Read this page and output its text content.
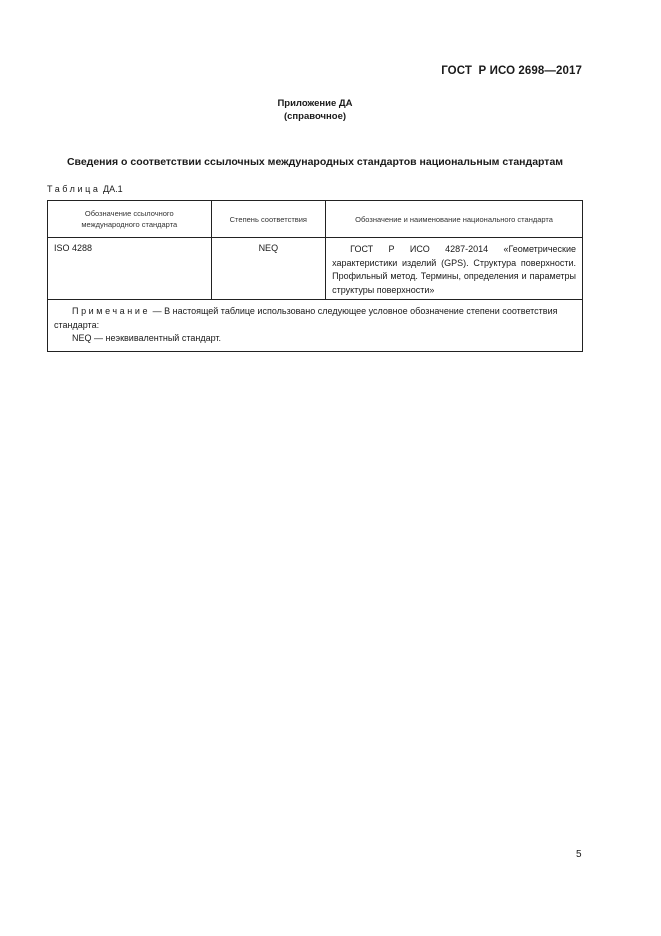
ГОСТ  Р ИСО 2698—2017
Приложение ДА
(справочное)
Сведения о соответствии ссылочных международных стандартов национальным стандартам
Таблица ДА.1
Обозначение ссылочного международного стандарта	Степень соответствия	Обозначение и наименование национального стандарта
ISO 4288	NEQ	ГОСТ Р ИСО 4287-2014 «Геометрические характеристики изделий (GPS). Структура поверхности. Профильный метод. Термины, определения и параметры структуры поверхности»
Примечание — В настоящей таблице использовано следующее условное обозначение степени соответствия стандарта:
NEQ — неэквивалентный стандарт.		
5
